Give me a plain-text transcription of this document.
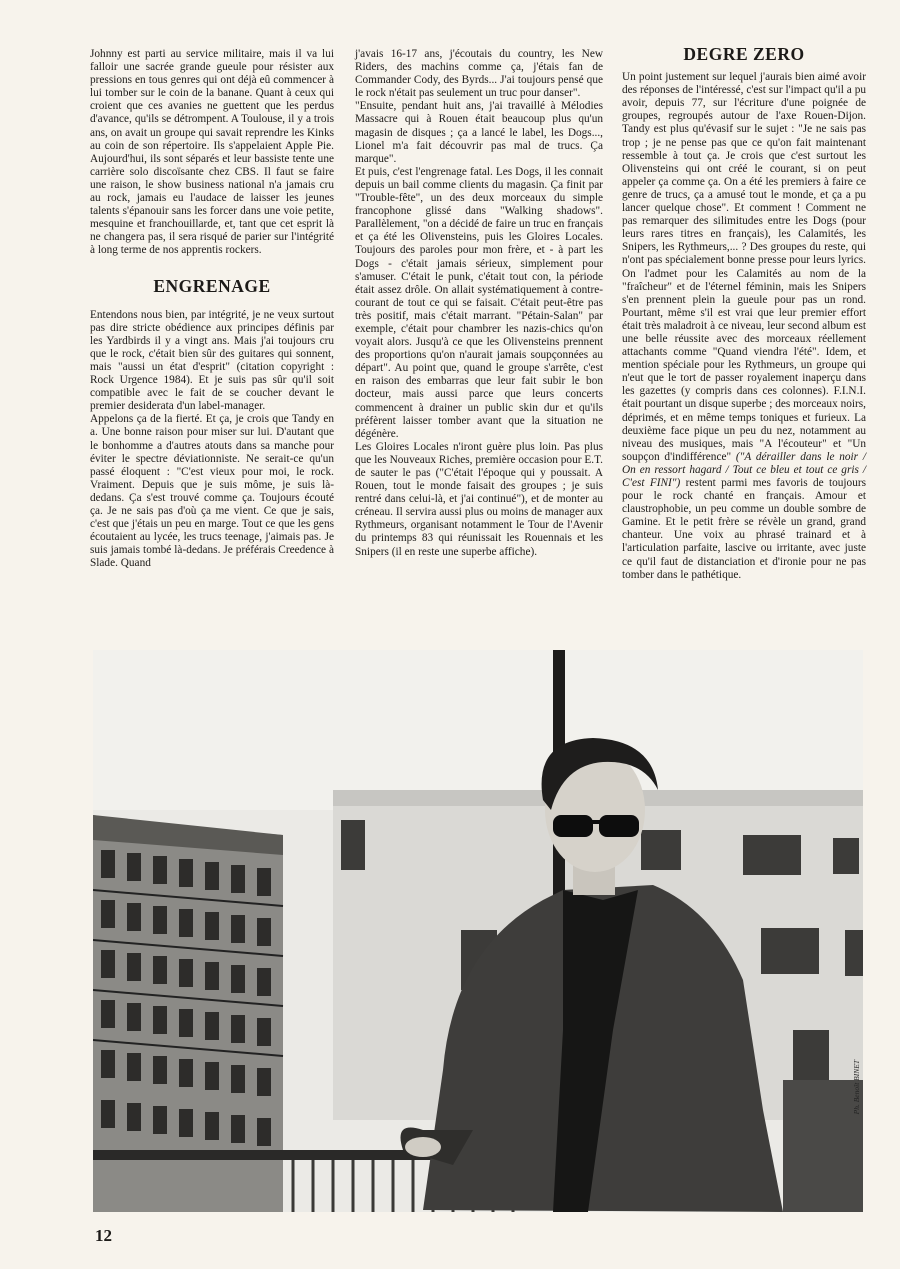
Johnny est parti au service militaire, mais il va lui falloir une sacrée grande gueule pour résister aux pressions en tous genres qui ont déjà eû commencer à lui tomber sur le coin de la banane. Quant à ceux qui croient que ces avanies ne guettent que les perdus d'avance, qu'ils se détrompent. A Toulouse, il y a trois ans, on avait un groupe qui savait reprendre les Kinks au coin de son répertoire. Ils s'appelaient Apple Pie. Aujourd'hui, ils sont séparés et leur bassiste tente une carrière solo discoïsante chez CBS. Il faut se faire une raison, le show business national n'a jamais cru au rock, jamais eu l'audace de laisser les jeunes talents s'épanouir sans les forcer dans une voie petite, mesquine et franchouillarde, et, tant que cet esprit là ne changera pas, il sera risqué de parier sur l'intégrité à long terme de nos apprentis rockers.

ENGRENAGE

Entendons nous bien, par intégrité, je ne veux surtout pas dire stricte obédience aux principes définis par les Yardbirds il y a vingt ans. Mais j'ai toujours cru que le rock, c'était bien sûr des guitares qui sonnent, mais "aussi un état d'esprit" (citation copyright : Rock Urgence 1984). Et je suis pas sûr qu'il soit compatible avec le fait de se coucher devant le premier desiderata d'un label-manager.

Appelons ça de la fierté. Et ça, je crois que Tandy en a. Une bonne raison pour miser sur lui. D'autant que le bonhomme a d'autres atouts dans sa manche pour éviter le spectre déviationniste. Ne serait-ce qu'un passé éloquent : "C'est vieux pour moi, le rock. Vraiment. Depuis que je suis môme, je suis là-dedans. Ça s'est trouvé comme ça. Toujours écouté ça. Je ne sais pas d'où ça me vient. Ce que je sais, c'est que j'étais un peu en marge. Tout ce que les gens écoutaient au lycée, les trucs teenage, j'aimais pas. Je suis jamais tombé là-dedans. Je préférais Creedence à Slade. Quand

j'avais 16-17 ans, j'écoutais du country, les New Riders, des machins comme ça, j'étais fan de Commander Cody, des Byrds... J'ai toujours pensé que le rock n'était pas seulement un truc pour danser".

"Ensuite, pendant huit ans, j'ai travaillé à Mélodies Massacre qui à Rouen était beaucoup plus qu'un magasin de disques ; ça a lancé le label, les Dogs..., Lionel m'a fait découvrir pas mal de trucs. Ça marque".

Et puis, c'est l'engrenage fatal. Les Dogs, il les connait depuis un bail comme clients du magasin. Ça finit par "Trouble-fête", un des deux morceaux du simple francophone glissé dans "Walking shadows". Parallèlement, "on a décidé de faire un truc en français et ça été les Olivensteins, puis les Gloires Locales. Toujours des paroles pour mon frère, et - à part les Dogs - c'était jamais sérieux, simplement pour s'amuser. C'était le punk, c'était tout con, la période était assez drôle. On allait systématiquement à contre-courant de tout ce qui se faisait. C'était peut-être pas très positif, mais c'était marrant. "Pétain-Salan" par exemple, c'était pour chambrer les nazis-chics qu'on voyait alors. Jusqu'à ce que les Olivensteins prennent des proportions qu'on n'aurait jamais soupçonnées au départ". Au point que, quand le groupe s'arrête, c'est en raison des embarras que leur fait subir le bon docteur, mais aussi parce que leurs concerts commencent à drainer un public skin dur et qu'ils préfèrent laisser tomber avant que la situation ne dégénère.

Les Gloires Locales n'iront guère plus loin. Pas plus que les Nouveaux Riches, première occasion pour E.T. de sauter le pas ("C'était l'époque qui y poussait. A Rouen, tout le monde faisait des groupes ; je suis rentré dans celui-là, et j'ai continué"), et de monter au créneau. Il servira aussi plus ou moins de manager aux Rythmeurs, organisant notamment le Tour de l'Avenir du printemps 83 qui réunissait les Rouennais et les Snipers (il en reste une superbe affiche).

DEGRE ZERO

Un point justement sur lequel j'aurais bien aimé avoir des réponses de l'intéressé, c'est sur l'impact qu'il a pu avoir, depuis 77, sur l'écriture d'une poignée de groupes, regroupés autour de l'axe Rouen-Dijon. Tandy est plus qu'évasif sur le sujet : "Je ne sais pas trop ; je ne pense pas que ce qu'on fait maintenant ressemble à tout ça. Je crois que c'est surtout les Olivensteins qui ont créé le courant, si on peut appeler ça comme ça. On a été les premiers à faire ce genre de trucs, ça a amusé tout le monde, et ça a pu lancer quelque chose". Et comment ! Comment ne pas remarquer des silimitudes entre les Dogs (pour leurs rares titres en français), les Calamités, les Snipers, les Rythmeurs,... ? Des groupes du reste, qui n'ont pas spécialement bonne presse pour leurs lyrics. On l'admet pour les Calamités au nom de la "fraîcheur" et de l'éternel féminin, mais les Snipers s'en prennent plein la gueule pour pas un rond. Pourtant, même s'il est vrai que leur premier effort était très maladroit à ce niveau, leur second album est une belle réussite avec des morceaux réellement attachants comme "Quand viendra l'été". Idem, et mention spéciale pour les Rythmeurs, un groupe qui n'eut que le tort de passer royalement inaperçu dans les gazettes (y compris dans ces colonnes). F.I.N.I. était pourtant un disque superbe ; des morceaux noirs, déprimés, et en même temps toniques et furieux. La deuxième face pique un peu du nez, notamment au niveau des musiques, mais "A l'écouteur" et "Un soupçon d'indifférence" ("A dérailler dans le noir / On en ressort hagard / Tout ce bleu et tout ce gris / C'est FINI") restent parmi mes favoris de toujours pour le rock chanté en français. Amour et claustrophobie, un peu comme un double sombre de Gamine. Et le petit frère se révèle un grand, grand chanteur. Une voix au phrasé trainard et à l'articulation parfaite, lascive ou irritante, avec juste ce qu'il faut de distanciation et d'ironie pour ne pas tomber dans le pathétique.

Ph. Benoît BINET
12
